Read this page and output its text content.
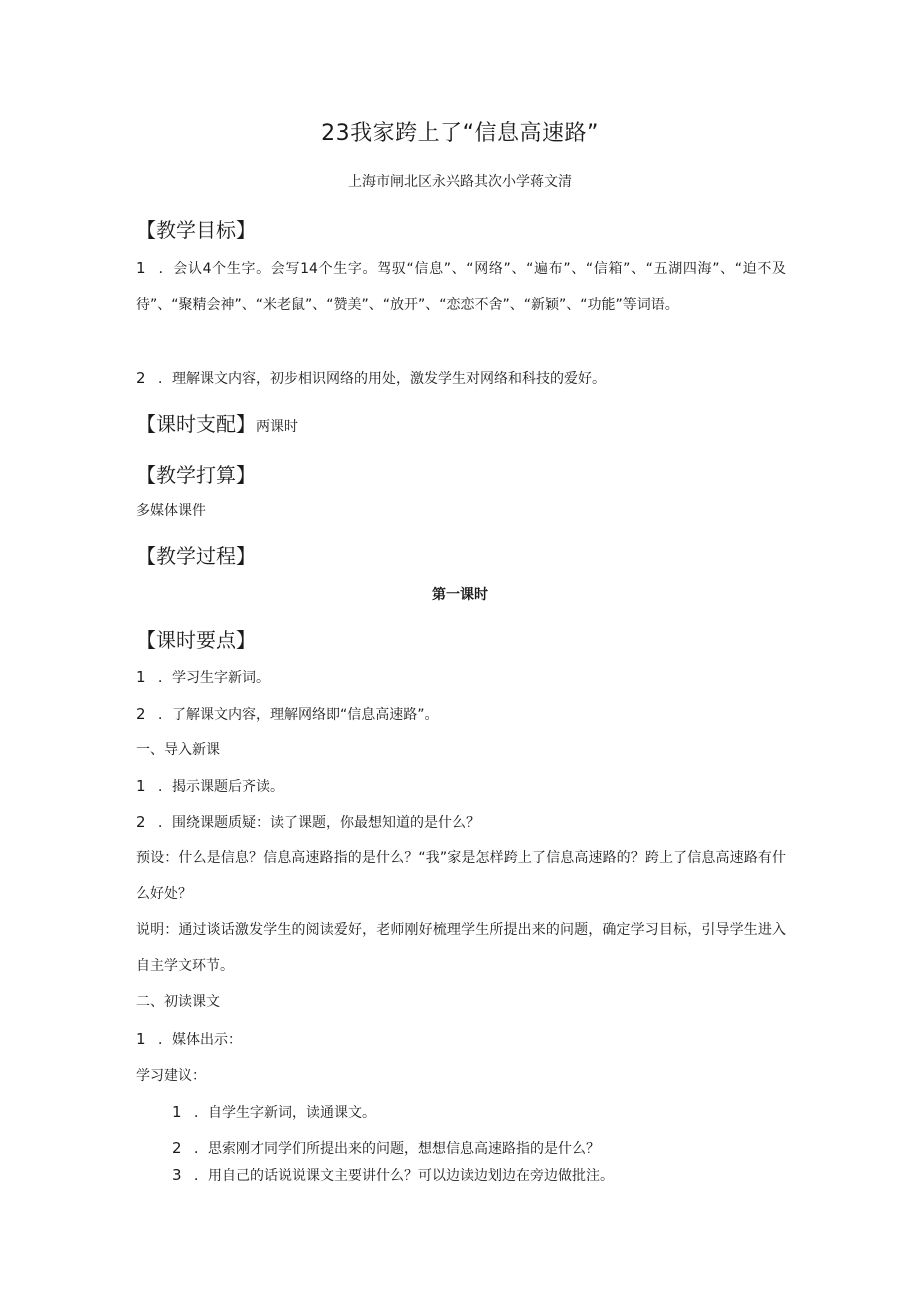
23我家跨上了“信息高速路”
上海市闸北区永兴路其次小学蒋文清
【教学目标】
1 ．会认4个生字。会写14个生字。驾驭“信息”、“网络”、“遍布”、“信箱”、“五湖四海”、“迫不及待”、“聚精会神”、“米老鼠”、“赞美”、“放开”、“恋恋不舍”、“新颖”、“功能”等词语。
2 ．理解课文内容，初步相识网络的用处，激发学生对网络和科技的爱好。
【课时支配】两课时
【教学打算】
多媒体课件
【教学过程】
第一课时
【课时要点】
1 ．学习生字新词。
2 ．了解课文内容，理解网络即“信息高速路”。
一、导入新课
1 ．揭示课题后齐读。
2 ．围绕课题质疑：读了课题，你最想知道的是什么？
预设：什么是信息？信息高速路指的是什么？“我”家是怎样跨上了信息高速路的？跨上了信息高速路有什么好处？
说明：通过谈话激发学生的阅读爱好，老师刚好梳理学生所提出来的问题，确定学习目标，引导学生进入自主学文环节。
二、初读课文
1 ．媒体出示：
学习建议：
1 ．自学生字新词，读通课文。
2 ．思索刚才同学们所提出来的问题，想想信息高速路指的是什么？
3 ．用自己的话说说课文主要讲什么？可以边读边划边在旁边做批注。
